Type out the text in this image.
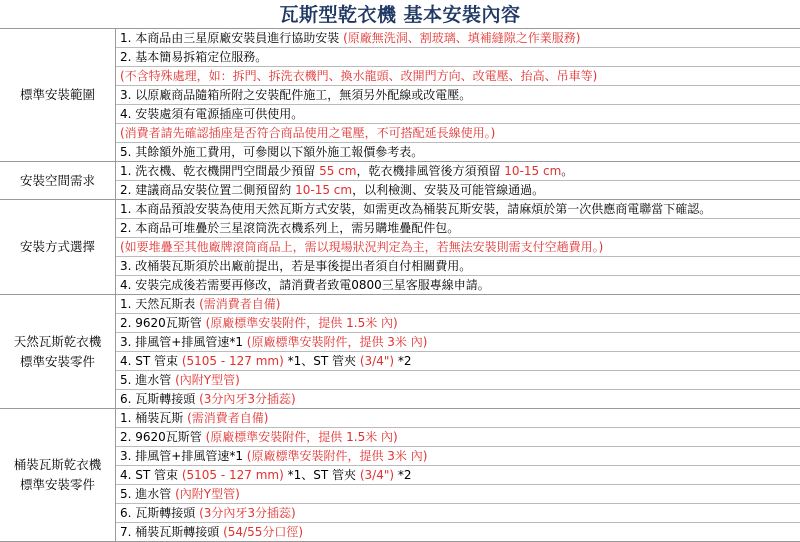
瓦斯型乾衣機 基本安裝內容
標準安裝範圍
1. 本商品由三星原廠安裝員進行協助安裝 (原廠無洗洞、割玻璃、填補縫隙之作業服務)
2. 基本簡易拆箱定位服務。
(不含特殊處理，如：拆門、拆洗衣機門、換水龍頭、改開門方向、改電壓、抬高、吊車等)
3. 以原廠商品隨箱所附之安裝配件施工，無須另外配線或改電壓。
4. 安裝處須有電源插座可供使用。
(消費者請先確認插座是否符合商品使用之電壓，不可搭配延長線使用。)
5. 其餘額外施工費用，可參閱以下額外施工報價參考表。
安裝空間需求
1. 洗衣機、乾衣機開門空間最少預留 55 cm，乾衣機排風管後方須預留 10-15 cm。
2. 建議商品安裝位置二側預留約 10-15 cm，以利檢測、安裝及可能管線通過。
安裝方式選擇
1. 本商品預設安裝為使用天然瓦斯方式安裝，如需更改為桶裝瓦斯安裝，請麻煩於第一次供應商電聯當下確認。
2. 本商品可堆疊於三星滾筒洗衣機系列上，需另購堆疊配件包。
(如要堆疊至其他廠牌滾筒商品上，需以現場狀況判定為主，若無法安裝則需支付空趟費用。)
3. 改桶裝瓦斯須於出廠前提出，若是事後提出者須自付相關費用。
4. 安裝完成後若需要再修改，請消費者致電0800三星客服專線申請。
天然瓦斯乾衣機
標準安裝零件
1. 天然瓦斯表 (需消費者自備)
2. 9620瓦斯管 (原廠標準安裝附件，提供 1.5米 內)
3. 排風管+排風管速*1 (原廠標準安裝附件，提供 3米 內)
4. ST 管束 (5105 - 127 mm) *1、ST 管夾 (3/4") *2
5. 進水管 (內附Y型管)
6. 瓦斯轉接頭 (3分內牙3分插蕊)
桶裝瓦斯乾衣機
標準安裝零件
1. 桶裝瓦斯 (需消費者自備)
2. 9620瓦斯管 (原廠標準安裝附件，提供 1.5米 內)
3. 排風管+排風管速*1 (原廠標準安裝附件，提供 3米 內)
4. ST 管束 (5105 - 127 mm) *1、ST 管夾 (3/4") *2
5. 進水管 (內附Y型管)
6. 瓦斯轉接頭 (3分內牙3分插蕊)
7. 桶裝瓦斯轉接頭 (54/55分口徑)
